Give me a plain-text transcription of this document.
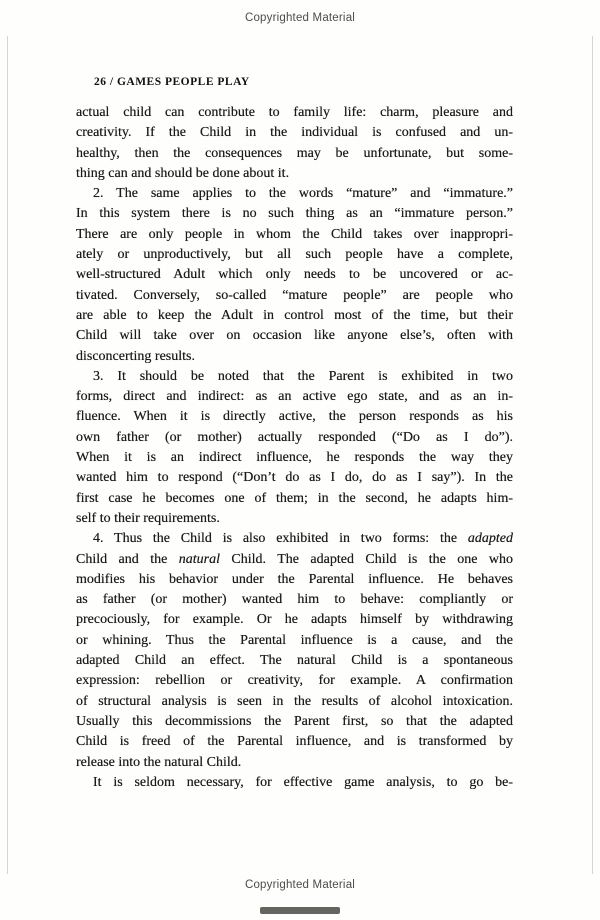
Copyrighted Material
26 / GAMES PEOPLE PLAY
actual child can contribute to family life: charm, pleasure and
creativity. If the Child in the individual is confused and un-
healthy, then the consequences may be unfortunate, but some-
thing can and should be done about it.
2. The same applies to the words “mature” and “immature.”
In this system there is no such thing as an “immature person.”
There are only people in whom the Child takes over inappropri-
ately or unproductively, but all such people have a complete,
well-structured Adult which only needs to be uncovered or ac-
tivated. Conversely, so-called “mature people” are people who
are able to keep the Adult in control most of the time, but their
Child will take over on occasion like anyone else’s, often with
disconcerting results.
3. It should be noted that the Parent is exhibited in two
forms, direct and indirect: as an active ego state, and as an in-
fluence. When it is directly active, the person responds as his
own father (or mother) actually responded (“Do as I do”).
When it is an indirect influence, he responds the way they
wanted him to respond (“Don’t do as I do, do as I say”). In the
first case he becomes one of them; in the second, he adapts him-
self to their requirements.
4. Thus the Child is also exhibited in two forms: the adapted
Child and the natural Child. The adapted Child is the one who
modifies his behavior under the Parental influence. He behaves
as father (or mother) wanted him to behave: compliantly or
precociously, for example. Or he adapts himself by withdrawing
or whining. Thus the Parental influence is a cause, and the
adapted Child an effect. The natural Child is a spontaneous
expression: rebellion or creativity, for example. A confirmation
of structural analysis is seen in the results of alcohol intoxication.
Usually this decommissions the Parent first, so that the adapted
Child is freed of the Parental influence, and is transformed by
release into the natural Child.
It is seldom necessary, for effective game analysis, to go be-
Copyrighted Material
